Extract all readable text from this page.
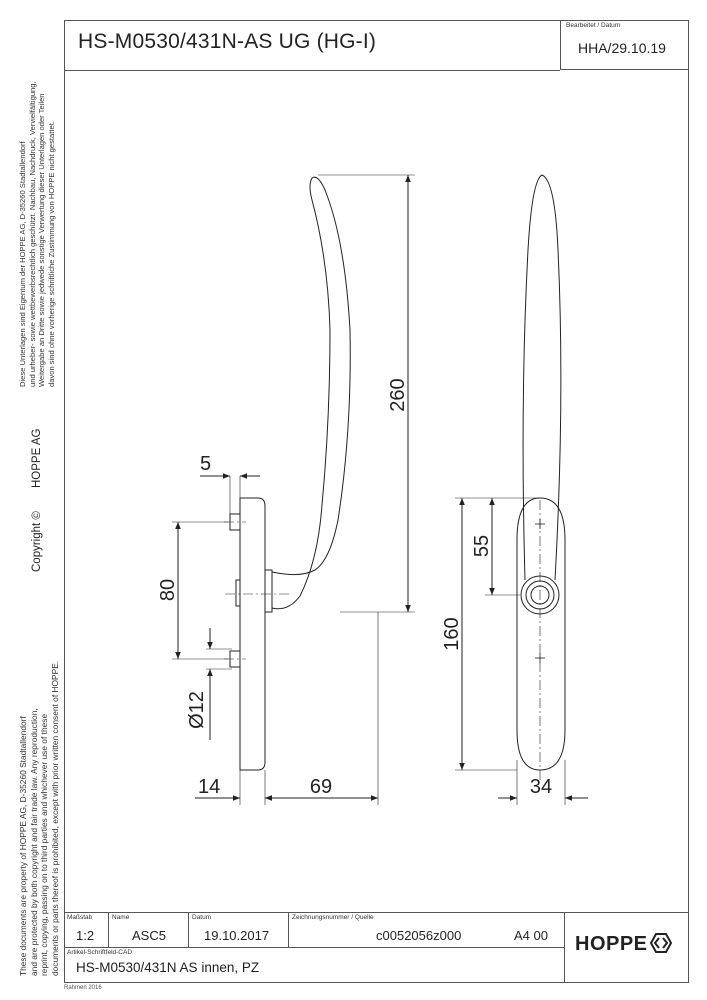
HS-M0530/431N-AS UG (HG-I)
Bearbeitet / Datum
HHA/29.10.19
Diese Unterlagen sind Eigentum der HOPPE AG, D-35260 Stadtallendorf und urheber- sowie wettbewerbsrechtlich geschützt. Nachbau, Nachdruck, Vervielfältigung, Weitergabe an Dritte sowie jedwede sonstige Verwertung dieser Unterlagen oder Teilen davon sind ohne vorherige schriftliche Zustimmung von HOPPE nicht gestattet.
HOPPE AG
Copyright ©
These documents are property of HOPPE AG, D-35260 Stadtallendorf and are protected by both copyright and fair trade law. Any reproduction, reprint, copying, passing on to third parties and whichever use of these documents or parts thereof is prohibited, except with prior written consent of HOPPE.
5
80
Ø12
14	69
260
55
160
34
Maßstab
1:2
Name
ASC5
Datum
19.10.2017
Zeichnungsnummer / Quelle
c0052056z000	A4 00
Artikel-Schriftfeld-CAD
HS-M0530/431N AS innen, PZ
HOPPE
Rahmen 2016
